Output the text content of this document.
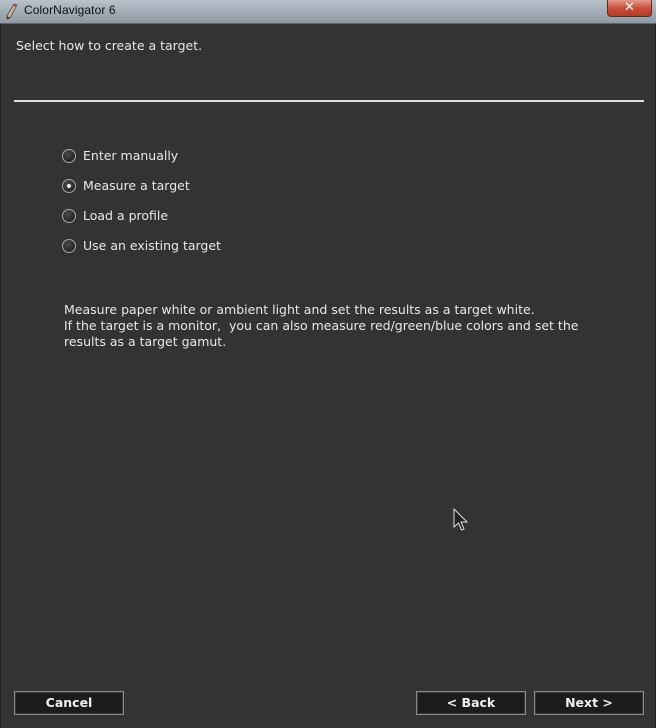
ColorNavigator 6	✕
Select how to create a target.
Enter manually
Measure a target
Load a profile
Use an existing target
Measure paper white or ambient light and set the results as a target white.
If the target is a monitor,  you can also measure red/green/blue colors and set the
results as a target gamut.
Cancel	< Back	Next >
